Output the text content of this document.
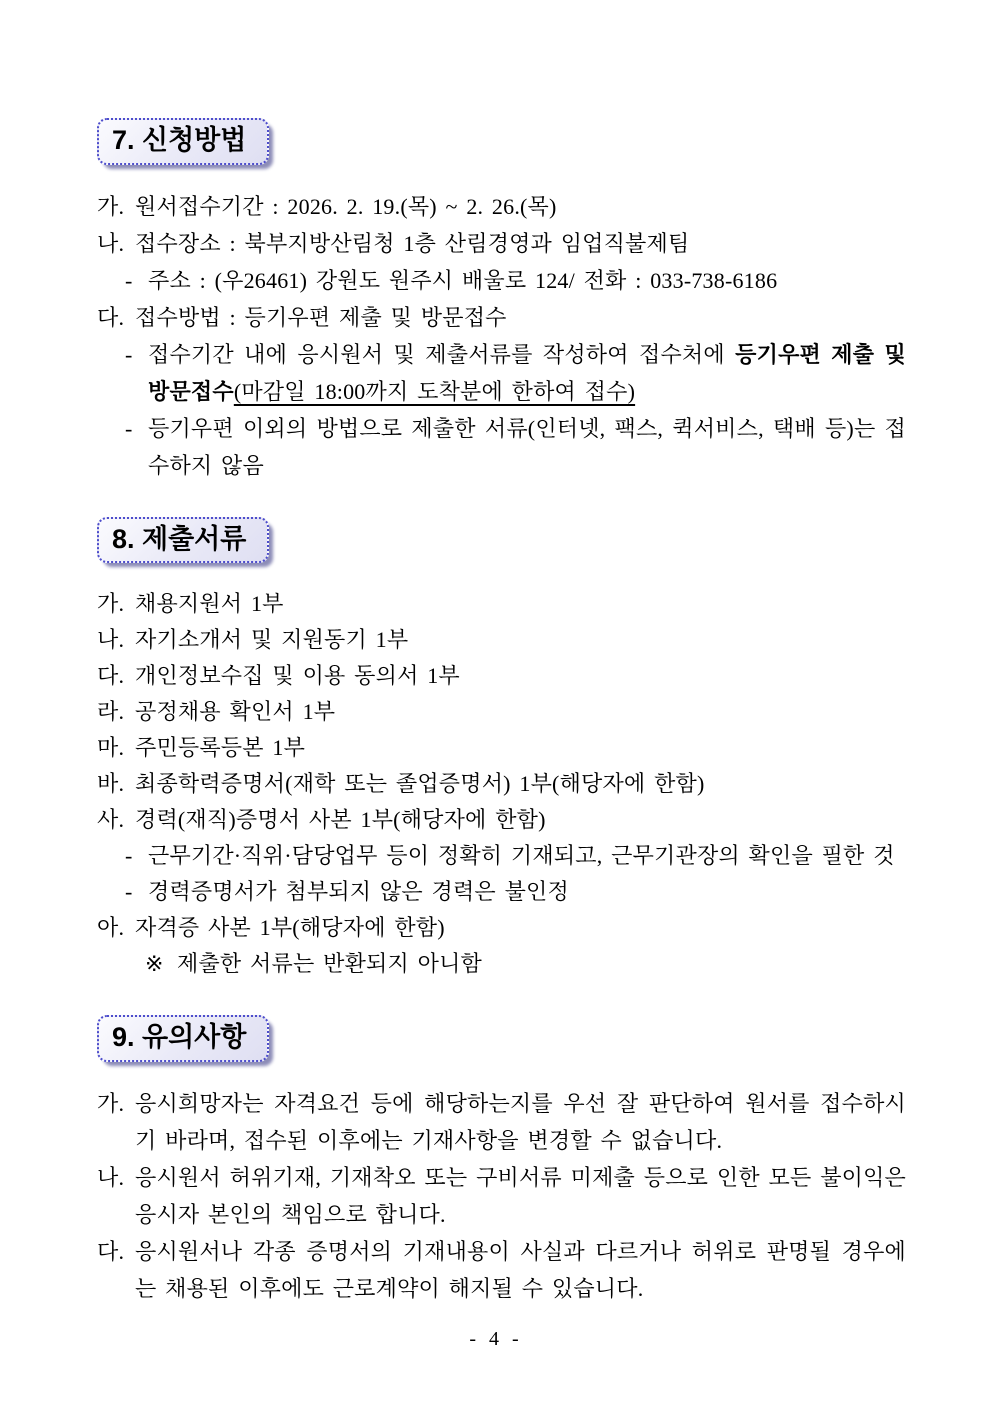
7. 신청방법

가. 원서접수기간 : 2026. 2. 19.(목) ~ 2. 26.(목)

나. 접수장소 : 북부지방산림청 1층 산림경영과 임업직불제팀

- 주소 : (우26461) 강원도 원주시 배울로 124/ 전화 : 033-738-6186

다. 접수방법 : 등기우편 제출 및 방문접수

- 접수기간 내에 응시원서 및 제출서류를 작성하여 접수처에 등기우편 제출 및 방문접수(마감일 18:00까지 도착분에 한하여 접수)

- 등기우편 이외의 방법으로 제출한 서류(인터넷, 팩스, 퀵서비스, 택배 등)는 접수하지 않음

8. 제출서류

가. 채용지원서 1부

나. 자기소개서 및 지원동기 1부

다. 개인정보수집 및 이용 동의서 1부

라. 공정채용 확인서 1부

마. 주민등록등본 1부

바. 최종학력증명서(재학 또는 졸업증명서) 1부(해당자에 한함)

사. 경력(재직)증명서 사본 1부(해당자에 한함)

- 근무기간·직위·담당업무 등이 정확히 기재되고, 근무기관장의 확인을 필한 것

- 경력증명서가 첨부되지 않은 경력은 불인정

아. 자격증 사본 1부(해당자에 한함)

※ 제출한 서류는 반환되지 아니함

9. 유의사항

가. 응시희망자는 자격요건 등에 해당하는지를 우선 잘 판단하여 원서를 접수하시기 바라며, 접수된 이후에는 기재사항을 변경할 수 없습니다.

나. 응시원서 허위기재, 기재착오 또는 구비서류 미제출 등으로 인한 모든 불이익은 응시자 본인의 책임으로 합니다.

다. 응시원서나 각종 증명서의 기재내용이 사실과 다르거나 허위로 판명될 경우에는 채용된 이후에도 근로계약이 해지될 수 있습니다.

- 4 -
